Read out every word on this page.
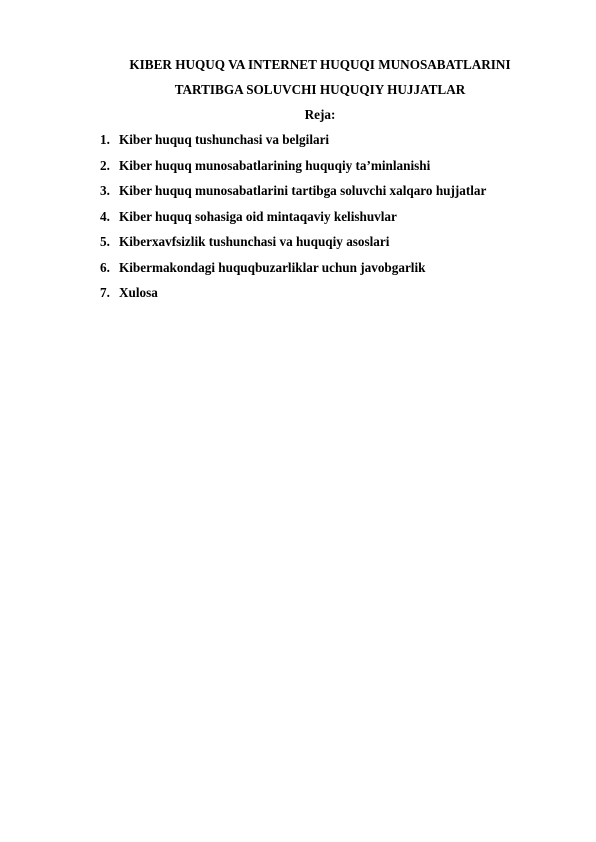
KIBER HUQUQ VA INTERNET HUQUQI MUNOSABATLARINI
TARTIBGA SOLUVCHI HUQUQIY HUJJATLAR
Reja:
1. Kiber huquq tushunchasi va belgilari
2. Kiber huquq munosabatlarining huquqiy ta’minlanishi
3. Kiber huquq munosabatlarini tartibga soluvchi xalqaro hujjatlar
4. Kiber huquq sohasiga oid mintaqaviy kelishuvlar
5. Kiberxavfsizlik tushunchasi va huquqiy asoslari
6. Kibermakondagi huquqbuzarliklar uchun javobgarlik
7. Xulosa
